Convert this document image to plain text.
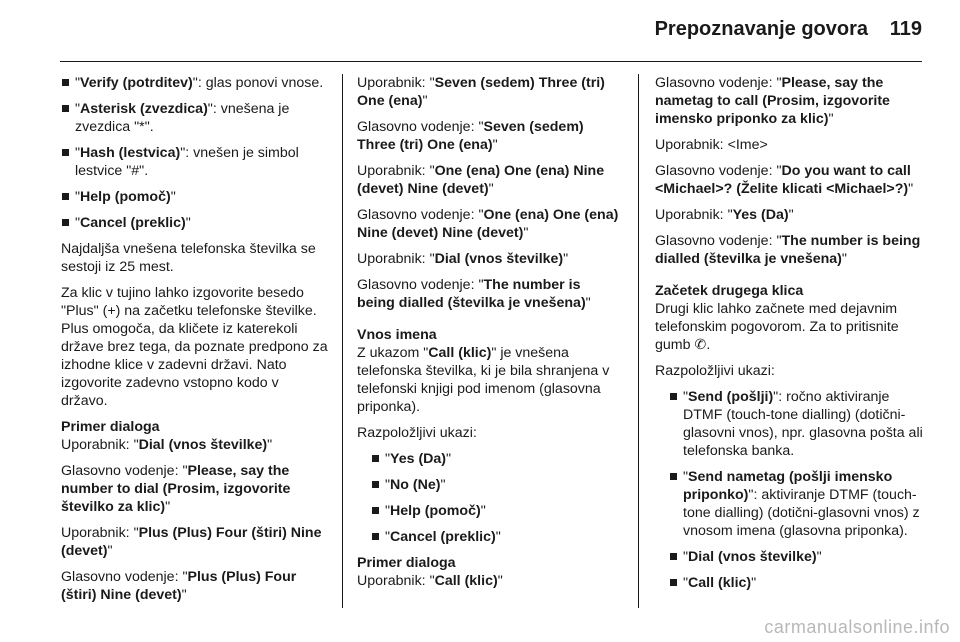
Prepoznavanje govora 119
"Verify (potrditev)": glas ponovi vnose.
"Asterisk (zvezdica)": vnešena je zvezdica "*".
"Hash (lestvica)": vnešen je simbol lestvice "#".
"Help (pomoč)"
"Cancel (preklic)"

Najdaljša vnešena telefonska številka se sestoji iz 25 mest.

Za klic v tujino lahko izgovorite besedo "Plus" (+) na začetku telefonske številke. Plus omogoča, da kličete iz katerekoli države brez tega, da poznate predpono za izhodne klice v zadevni državi. Nato izgovorite zadevno vstopno kodo v državo.

Primer dialoga

Uporabnik: "Dial (vnos številke)"

Glasovno vodenje: "Please, say the number to dial (Prosim, izgovorite številko za klic)"

Uporabnik: "Plus (Plus) Four (štiri) Nine (devet)"

Glasovno vodenje: "Plus (Plus) Four (štiri) Nine (devet)"

Uporabnik: "Seven (sedem) Three (tri) One (ena)"

Glasovno vodenje: "Seven (sedem) Three (tri) One (ena)"

Uporabnik: "One (ena) One (ena) Nine (devet) Nine (devet)"

Glasovno vodenje: "One (ena) One (ena) Nine (devet) Nine (devet)"

Uporabnik: "Dial (vnos številke)"

Glasovno vodenje: "The number is being dialled (številka je vnešena)"

Vnos imena

Z ukazom "Call (klic)" je vnešena telefonska številka, ki je bila shranjena v telefonski knjigi pod imenom (glasovna priponka).

Razpoložljivi ukazi:

"Yes (Da)"
"No (Ne)"
"Help (pomoč)"
"Cancel (preklic)"

Primer dialoga

Uporabnik: "Call (klic)"

Glasovno vodenje: "Please, say the nametag to call (Prosim, izgovorite imensko priponko za klic)"

Uporabnik: <Ime>

Glasovno vodenje: "Do you want to call <Michael>? (Želite klicati <Michael>?)"

Uporabnik: "Yes (Da)"

Glasovno vodenje: "The number is being dialled (številka je vnešena)"

Začetek drugega klica

Drugi klic lahko začnete med dejavnim telefonskim pogovorom. Za to pritisnite gumb ✆.

Razpoložljivi ukazi:

"Send (pošlji)": ročno aktiviranje DTMF (touch-tone dialling) (dotični-glasovni vnos), npr. glasovna pošta ali telefonska banka.
"Send nametag (pošlji imensko priponko)": aktiviranje DTMF (touch-tone dialling) (dotični-glasovni vnos) z vnosom imena (glasovna priponka).
"Dial (vnos številke)"
"Call (klic)"
carmanualsonline.info
